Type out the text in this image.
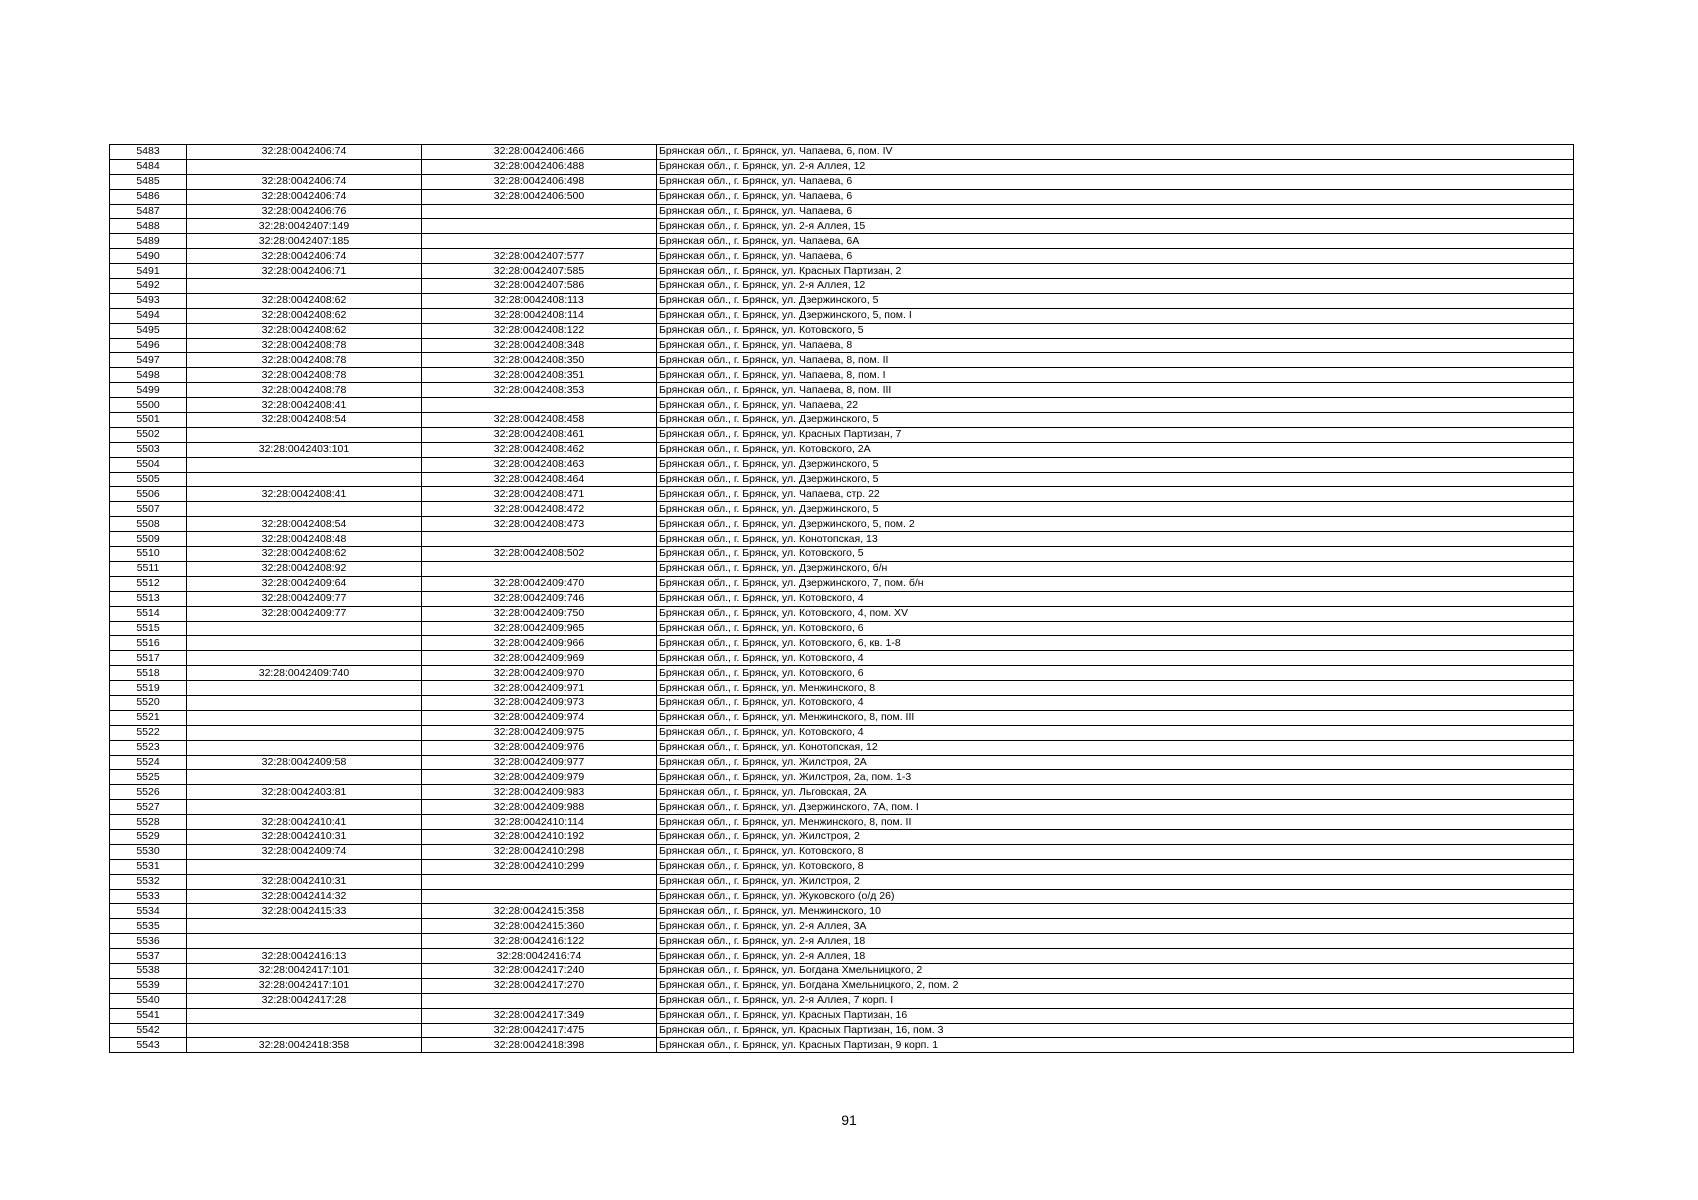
5483	32:28:0042406:74	32:28:0042406:466	Брянская обл., г. Брянск, ул. Чапаева, 6, пом. IV
5484		32:28:0042406:488	Брянская обл., г. Брянск, ул. 2-я Аллея, 12
5485	32:28:0042406:74	32:28:0042406:498	Брянская обл., г. Брянск, ул. Чапаева, 6
5486	32:28:0042406:74	32:28:0042406:500	Брянская обл., г. Брянск, ул. Чапаева, 6
5487	32:28:0042406:76		Брянская обл., г. Брянск, ул. Чапаева, 6
5488	32:28:0042407:149		Брянская обл., г. Брянск, ул. 2-я Аллея, 15
5489	32:28:0042407:185		Брянская обл., г. Брянск, ул. Чапаева, 6А
5490	32:28:0042406:74	32:28:0042407:577	Брянская обл., г. Брянск, ул. Чапаева, 6
5491	32:28:0042406:71	32:28:0042407:585	Брянская обл., г. Брянск, ул. Красных Партизан, 2
5492		32:28:0042407:586	Брянская обл., г. Брянск, ул. 2-я Аллея, 12
5493	32:28:0042408:62	32:28:0042408:113	Брянская обл., г. Брянск, ул. Дзержинского, 5
5494	32:28:0042408:62	32:28:0042408:114	Брянская обл., г. Брянск, ул. Дзержинского, 5, пом. I
5495	32:28:0042408:62	32:28:0042408:122	Брянская обл., г. Брянск, ул. Котовского, 5
5496	32:28:0042408:78	32:28:0042408:348	Брянская обл., г. Брянск, ул. Чапаева, 8
5497	32:28:0042408:78	32:28:0042408:350	Брянская обл., г. Брянск, ул. Чапаева, 8, пом. II
5498	32:28:0042408:78	32:28:0042408:351	Брянская обл., г. Брянск, ул. Чапаева, 8, пом. I
5499	32:28:0042408:78	32:28:0042408:353	Брянская обл., г. Брянск, ул. Чапаева, 8, пом. III
5500	32:28:0042408:41		Брянская обл., г. Брянск, ул. Чапаева, 22
5501	32:28:0042408:54	32:28:0042408:458	Брянская обл., г. Брянск, ул. Дзержинского, 5
5502		32:28:0042408:461	Брянская обл., г. Брянск, ул. Красных Партизан, 7
5503	32:28:0042403:101	32:28:0042408:462	Брянская обл., г. Брянск, ул. Котовского, 2А
5504		32:28:0042408:463	Брянская обл., г. Брянск, ул. Дзержинского, 5
5505		32:28:0042408:464	Брянская обл., г. Брянск, ул. Дзержинского, 5
5506	32:28:0042408:41	32:28:0042408:471	Брянская обл., г. Брянск, ул. Чапаева, стр. 22
5507		32:28:0042408:472	Брянская обл., г. Брянск, ул. Дзержинского, 5
5508	32:28:0042408:54	32:28:0042408:473	Брянская обл., г. Брянск, ул. Дзержинского, 5, пом. 2
5509	32:28:0042408:48		Брянская обл., г. Брянск, ул. Конотопская, 13
5510	32:28:0042408:62	32:28:0042408:502	Брянская обл., г. Брянск, ул. Котовского, 5
5511	32:28:0042408:92		Брянская обл., г. Брянск, ул. Дзержинского, б/н
5512	32:28:0042409:64	32:28:0042409:470	Брянская обл., г. Брянск, ул. Дзержинского, 7, пом. б/н
5513	32:28:0042409:77	32:28:0042409:746	Брянская обл., г. Брянск, ул. Котовского, 4
5514	32:28:0042409:77	32:28:0042409:750	Брянская обл., г. Брянск, ул. Котовского, 4, пом. XV
5515		32:28:0042409:965	Брянская обл., г. Брянск, ул. Котовского, 6
5516		32:28:0042409:966	Брянская обл., г. Брянск, ул. Котовского, 6, кв. 1-8
5517		32:28:0042409:969	Брянская обл., г. Брянск, ул. Котовского, 4
5518	32:28:0042409:740	32:28:0042409:970	Брянская обл., г. Брянск, ул. Котовского, 6
5519		32:28:0042409:971	Брянская обл., г. Брянск, ул. Менжинского, 8
5520		32:28:0042409:973	Брянская обл., г. Брянск, ул. Котовского, 4
5521		32:28:0042409:974	Брянская обл., г. Брянск, ул. Менжинского, 8, пом. III
5522		32:28:0042409:975	Брянская обл., г. Брянск, ул. Котовского, 4
5523		32:28:0042409:976	Брянская обл., г. Брянск, ул. Конотопская, 12
5524	32:28:0042409:58	32:28:0042409:977	Брянская обл., г. Брянск, ул. Жилстроя, 2А
5525		32:28:0042409:979	Брянская обл., г. Брянск, ул. Жилстроя, 2а, пом. 1-3
5526	32:28:0042403:81	32:28:0042409:983	Брянская обл., г. Брянск, ул. Льговская, 2А
5527		32:28:0042409:988	Брянская обл., г. Брянск, ул. Дзержинского, 7А, пом. I
5528	32:28:0042410:41	32:28:0042410:114	Брянская обл., г. Брянск, ул. Менжинского, 8, пом. II
5529	32:28:0042410:31	32:28:0042410:192	Брянская обл., г. Брянск, ул. Жилстроя, 2
5530	32:28:0042409:74	32:28:0042410:298	Брянская обл., г. Брянск, ул. Котовского, 8
5531		32:28:0042410:299	Брянская обл., г. Брянск, ул. Котовского, 8
5532	32:28:0042410:31		Брянская обл., г. Брянск, ул. Жилстроя, 2
5533	32:28:0042414:32		Брянская обл., г. Брянск, ул. Жуковского (о/д 26)
5534	32:28:0042415:33	32:28:0042415:358	Брянская обл., г. Брянск, ул. Менжинского, 10
5535		32:28:0042415:360	Брянская обл., г. Брянск, ул. 2-я Аллея, 3А
5536		32:28:0042416:122	Брянская обл., г. Брянск, ул. 2-я Аллея, 18
5537	32:28:0042416:13	32:28:0042416:74	Брянская обл., г. Брянск, ул. 2-я Аллея, 18
5538	32:28:0042417:101	32:28:0042417:240	Брянская обл., г. Брянск, ул. Богдана Хмельницкого, 2
5539	32:28:0042417:101	32:28:0042417:270	Брянская обл., г. Брянск, ул. Богдана Хмельницкого, 2, пом. 2
5540	32:28:0042417:28		Брянская обл., г. Брянск, ул. 2-я Аллея, 7 корп. I
5541		32:28:0042417:349	Брянская обл., г. Брянск, ул. Красных Партизан, 16
5542		32:28:0042417:475	Брянская обл., г. Брянск, ул. Красных Партизан, 16, пом. 3
5543	32:28:0042418:358	32:28:0042418:398	Брянская обл., г. Брянск, ул. Красных Партизан, 9 корп. 1
91
